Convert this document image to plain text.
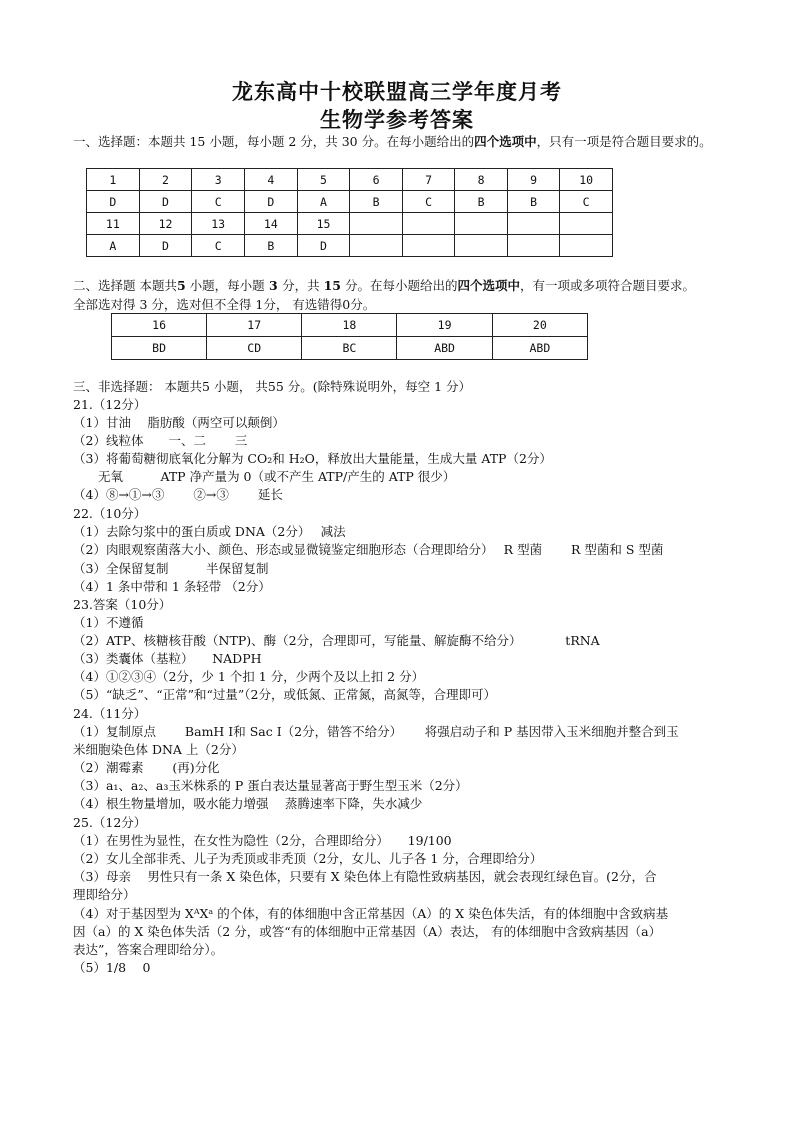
龙东高中十校联盟高三学年度月考
生物学参考答案
一、选择题：本题共 15 小题，每小题 2 分，共 30 分。在每小题给出的四个选项中，只有一项是符合题目要求的。
1	2	3	4	5	6	7	8	9	10
D	D	C	D	A	B	C	B	B	C
11	12	13	14	15					
A	D	C	B	D					
二、选择题 本题共5 小题，每小题 3 分，共 15 分。在每小题给出的四个选项中，有一项或多项符合题目要求。
全部选对得 3 分，选对但不全得 1分， 有选错得0分。
16	17	18	19	20
BD	CD	BC	ABD	ABD
三、非选择题： 本题共5 小题， 共55 分。(除特殊说明外，每空 1 分）
21.（12分）
（1）甘油　 脂肪酸（两空可以颠倒）
（2）线粒体　　一、二　　 三
（3）将葡萄糖彻底氧化分解为 CO₂和 H₂O，释放出大量能量，生成大量 ATP（2分）
　　无氧　　　ATP 净产量为 0（或不产生 ATP/产生的 ATP 很少）
（4）⑧→①→③　　 ②→③　　 延长
22.（10分）
（1）去除匀浆中的蛋白质或 DNA（2分）　 减法
（2）肉眼观察菌落大小、颜色、形态或显微镜鉴定细胞形态（合理即给分）　 R 型菌　　 R 型菌和 S 型菌
（3）全保留复制　　　半保留复制
（4）1 条中带和 1 条轻带 （2分）
23.答案（10分）
（1）不遵循
（2）ATP、核糖核苷酸（NTP)、酶（2分，合理即可，写能量、解旋酶不给分）　　　　tRNA
（3）类囊体（基粒）　　NADPH
（4）①②③④（2分，少 1 个扣 1 分，少两个及以上扣 2 分）
（5）“缺乏”、“正常”和“过量”（2分，或低氮、正常氮，高氮等，合理即可）
24.（11分）
（1）复制原点　　 BamH Ⅰ和 Sac Ⅰ（2分，错答不给分）　　 将强启动子和 P 基因带入玉米细胞并整合到玉
米细胞染色体 DNA 上（2分）
（2）潮霉素　　 (再)分化
（3）a₁、a₂、a₃玉米株系的 P 蛋白表达量显著高于野生型玉米（2分）
（4）根生物量增加，吸水能力增强　 蒸腾速率下降，失水减少
25.（12分）
（1）在男性为显性，在女性为隐性（2分，合理即给分）　　19/100
（2）女儿全部非秃、儿子为秃顶或非秃顶（2分，女儿、儿子各 1 分，合理即给分）
（3）母亲　 男性只有一条 X 染色体，只要有 X 染色体上有隐性致病基因，就会表现红绿色盲。(2分，合
理即给分）
（4）对于基因型为 XᴬXᵃ 的个体，有的体细胞中含正常基因（A）的 X 染色体失活，有的体细胞中含致病基
因（a）的 X 染色体失活（2 分，或答“有的体细胞中正常基因（A）表达， 有的体细胞中含致病基因（a）
表达”，答案合理即给分）。
（5）1/8　 0
